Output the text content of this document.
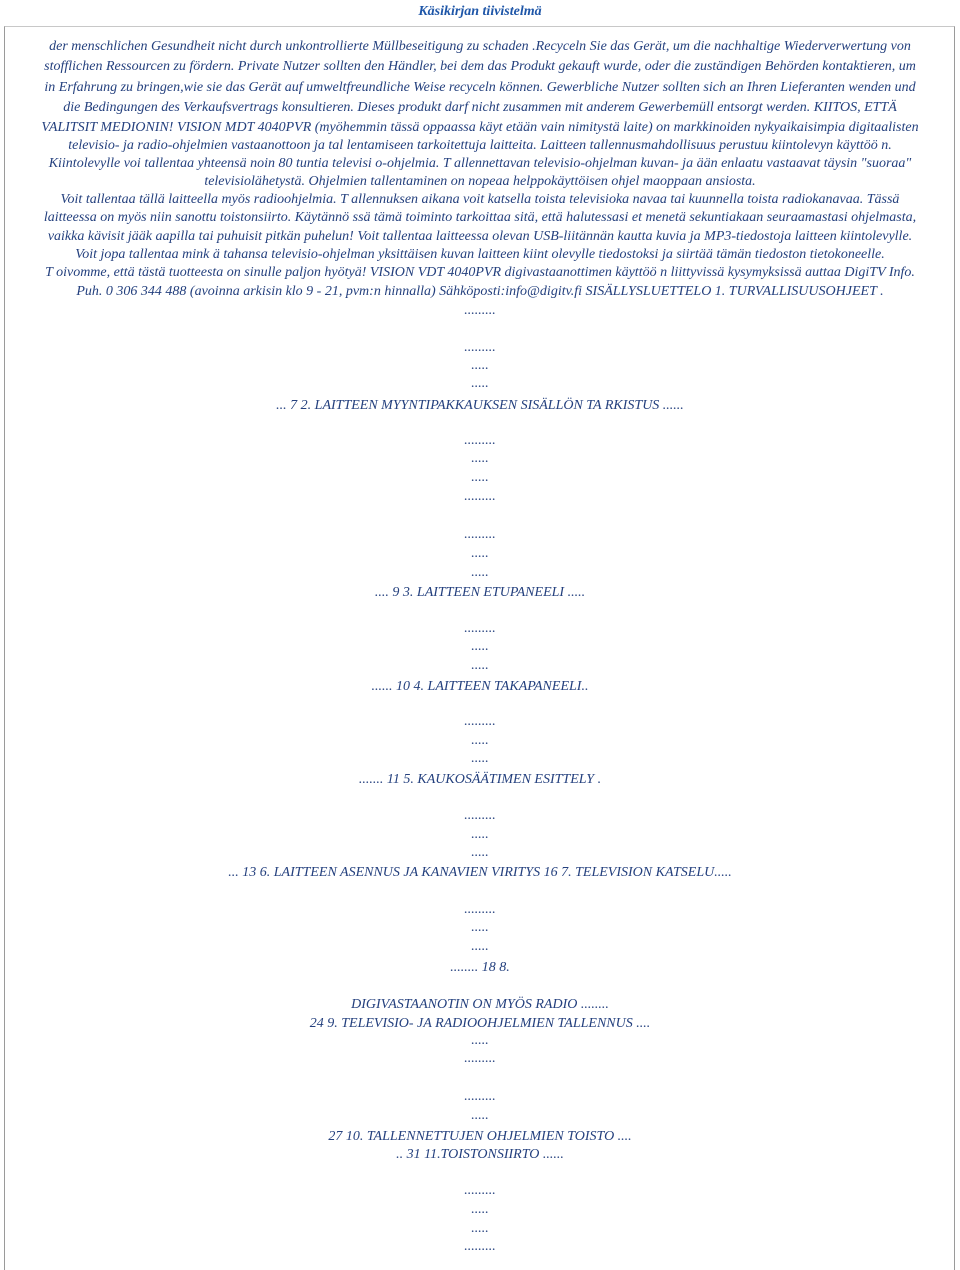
Käsikirjan tiivistelmä
der menschlichen Gesundheit nicht durch unkontrollierte Müllbeseitigung zu schaden .Recyceln Sie das Gerät, um die nachhaltige Wiederverwertung von
stofflichen Ressourcen zu fördern. Private Nutzer sollten den Händler, bei dem das Produkt gekauft wurde, oder die zuständigen Behörden kontaktieren, um
in Erfahrung zu bringen,wie sie das Gerät auf umweltfreundliche Weise recyceln können. Gewerbliche Nutzer sollten sich an Ihren Lieferanten wenden und
die Bedingungen des Verkaufsvertrags konsultieren. Dieses produkt darf nicht zusammen mit anderem Gewerbemüll entsorgt werden. KIITOS, ETTÄ
VALITSIT MEDIONIN! VISION MDT 4040PVR (myöhemmin tässä oppaassa käyt etään vain nimitystä laite) on markkinoiden nykyaikaisimpia digitaalisten
televisio- ja radio-ohjelmien vastaanottoon ja tal lentamiseen tarkoitettuja laitteita. Laitteen tallennusmahdollisuus perustuu kiintolevyn käyttöö n.
Kiintolevylle voi tallentaa yhteensä noin 80 tuntia televisi o-ohjelmia. T allennettavan televisio-ohjelman kuvan- ja ään enlaatu vastaavat täysin "suoraa"
televisiolähetystä. Ohjelmien tallentaminen on nopeaa helppokäyttöisen ohjel maoppaan ansiosta.
Voit tallentaa tällä laitteella myös radioohjelmia. T allennuksen aikana voit katsella toista televisioka navaa tai kuunnella toista radiokanavaa. Tässä
laitteessa on myös niin sanottu toistonsiirto. Käytännö ssä tämä toiminto tarkoittaa sitä, että halutessasi et menetä sekuntiakaan seuraamastasi ohjelmasta,
vaikka kävisit jääk aapilla tai puhuisit pitkän puhelun! Voit tallentaa laitteessa olevan USB-liitännän kautta kuvia ja MP3-tiedostoja laitteen kiintolevylle.
Voit jopa tallentaa mink ä tahansa televisio-ohjelman yksittäisen kuvan laitteen kiint olevylle tiedostoksi ja siirtää tämän tiedoston tietokoneelle.
T oivomme, että tästä tuotteesta on sinulle paljon hyötyä! VISION VDT 4040PVR digivastaanottimen käyttöö n liittyvissä kysymyksissä auttaa DigiTV Info.
Puh. 0 306 344 488 (avoinna arkisin klo 9 - 21, pvm:n hinnalla) Sähköposti:info@digitv.fi SISÄLLYSLUETTELO 1. TURVALLISUUSOHJEET .
.........
.........
.....
.....
... 7 2. LAITTEEN MYYNTIPAKKAUKSEN SISÄLLÖN TA RKISTUS ......
.........
.....
.....
.........
.........
.....
.....
.... 9 3. LAITTEEN ETUPANEELI .....
.........
.....
.....
...... 10 4. LAITTEEN TAKAPANEELI..
.........
.....
.....
....... 11 5. KAUKOSÄÄTIMEN ESITTELY .
.........
.....
.....
... 13 6. LAITTEEN ASENNUS JA KANAVIEN VIRITYS 16 7. TELEVISION KATSELU.....
.........
.....
.....
........ 18 8.
DIGIVASTAANOTIN ON MYÖS RADIO ........
24 9. TELEVISIO- JA RADIOOHJELMIEN TALLENNUS ....
.....
.........
.........
.....
27 10. TALLENNETTUJEN OHJELMIEN TOISTO ....
.. 31 11.TOISTONSIIRTO ......
.........
.....
.....
.........
